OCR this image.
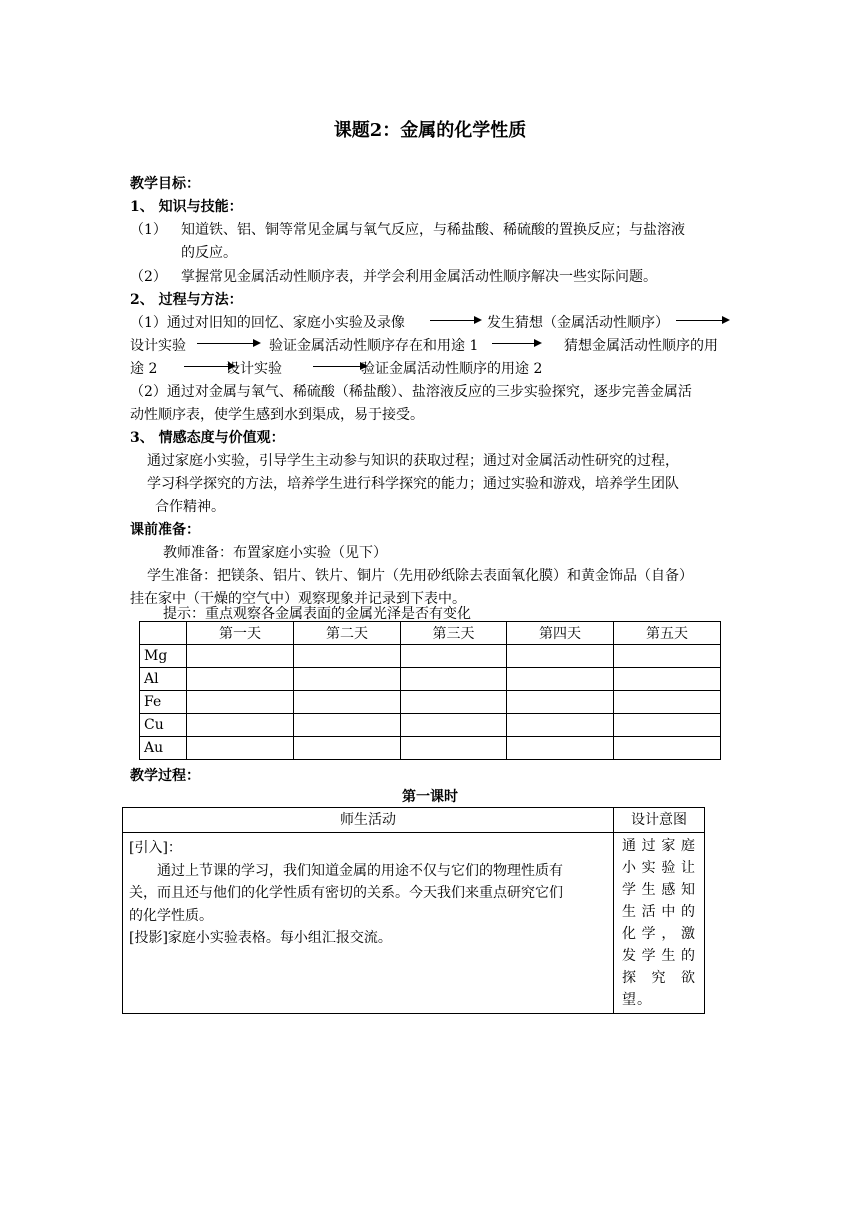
课题2：金属的化学性质
教学目标：
1、 知识与技能：
（1） 知道铁、铝、铜等常见金属与氧气反应，与稀盐酸、稀硫酸的置换反应；与盐溶液
的反应。
（2） 掌握常见金属活动性顺序表，并学会利用金属活动性顺序解决一些实际问题。
2、 过程与方法：
（1）通过对旧知的回忆、家庭小实验及录像	发生猜想（金属活动性顺序）
设计实验	验证金属活动性顺序存在和用途 1	猜想金属活动性顺序的用
途 2	设计实验	验证金属活动性顺序的用途 2
（2）通过对金属与氧气、稀硫酸（稀盐酸）、盐溶液反应的三步实验探究，逐步完善金属活
动性顺序表，使学生感到水到渠成，易于接受。
3、 情感态度与价值观：
通过家庭小实验，引导学生主动参与知识的获取过程；通过对金属活动性研究的过程，
学习科学探究的方法，培养学生进行科学探究的能力；通过实验和游戏，培养学生团队
合作精神。
课前准备：
教师准备：布置家庭小实验（见下）
学生准备：把镁条、铝片、铁片、铜片（先用砂纸除去表面氧化膜）和黄金饰品（自备）
挂在家中（干燥的空气中）观察现象并记录到下表中。
提示：重点观察各金属表面的金属光泽是否有变化
	第一天	第二天	第三天	第四天	第五天
Mg					
Al					
Fe					
Cu					
Au					
教学过程：
第一课时
师生活动	设计意图

[引入]：
通过上节课的学习，我们知道金属的用途不仅与它们的物理性质有
关，而且还与他们的化学性质有密切的关系。今天我们来重点研究它们
的化学性质。
[投影]家庭小实验表格。每小组汇报交流。	通过家庭小实验让学生感知生活中的化学，激发学生的探究欲望。
